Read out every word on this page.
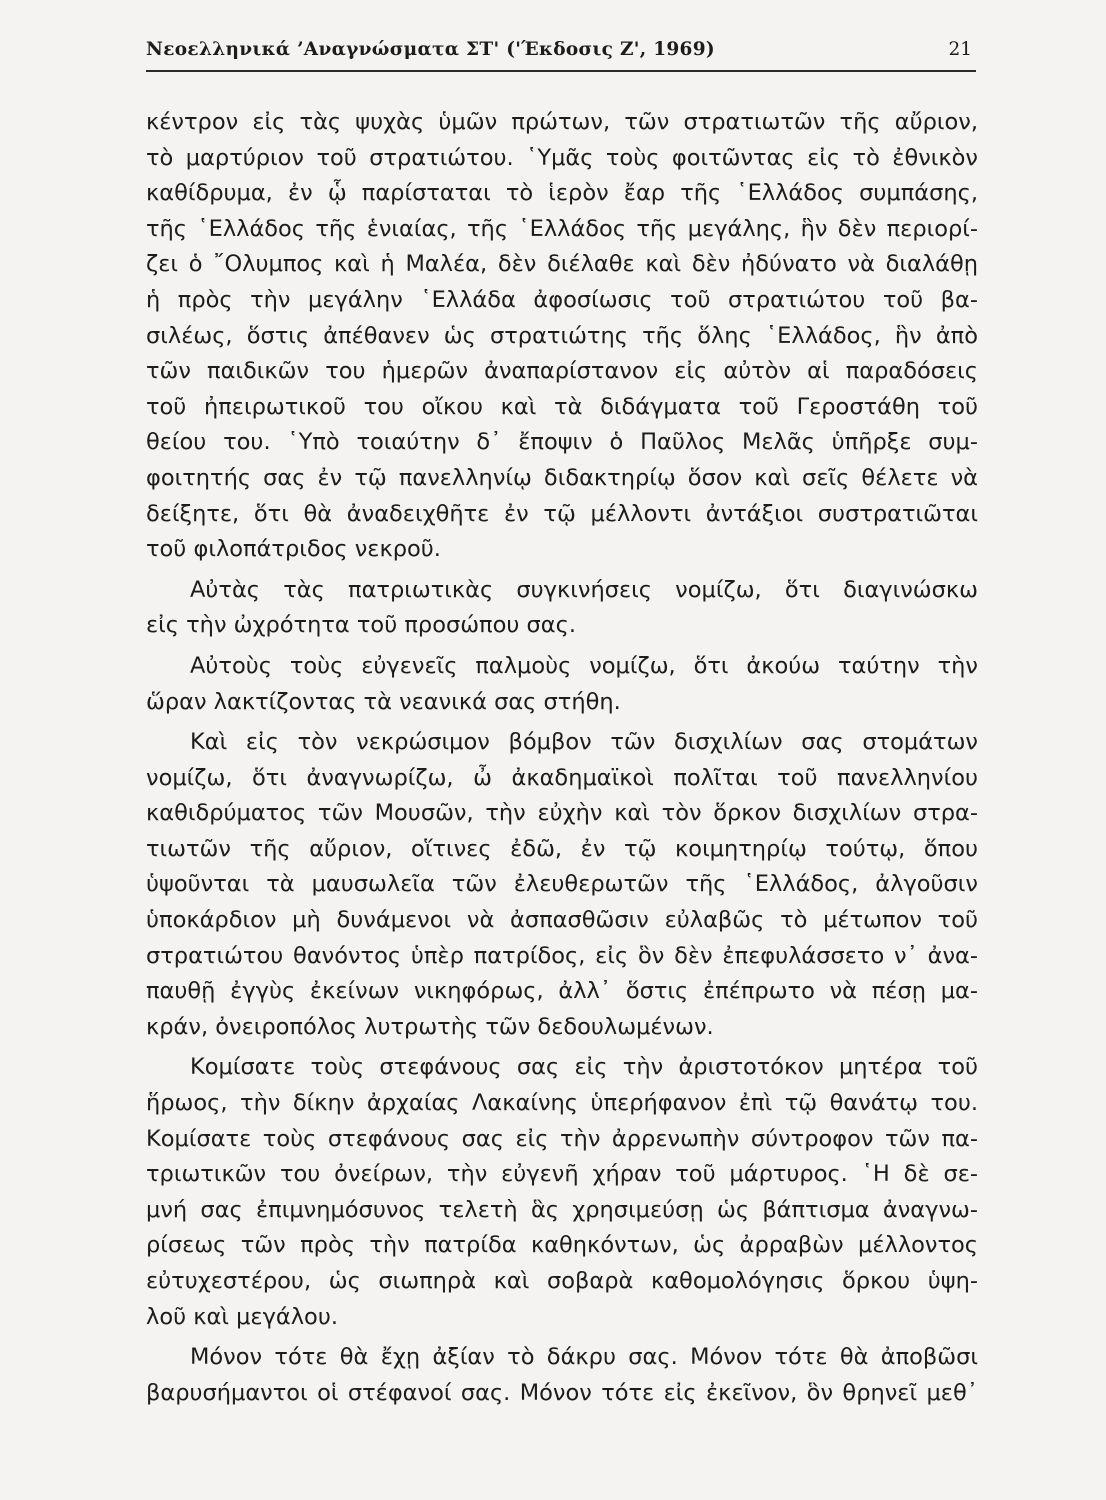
Νεοελληνικά ’Αναγνώσματα ΣΤ' ('Έκδοσις Ζ', 1969)	21

κέντρον εἰς τὰς ψυχὰς ὑμῶν πρώτων, τῶν στρατιωτῶν τῆς αὔριον,
τὸ μαρτύριον τοῦ στρατιώτου. ῾Υμᾶς τοὺς φοιτῶντας εἰς τὸ ἐθνικὸν
καθίδρυμα, ἐν ᾧ παρίσταται τὸ ἱερὸν ἔαρ τῆς ῾Ελλάδος συμπάσης,
τῆς ῾Ελλάδος τῆς ἑνιαίας, τῆς ῾Ελλάδος τῆς μεγάλης, ἣν δὲν περιορί-
ζει ὁ ῎Ολυμπος καὶ ἡ Μαλέα, δὲν διέλαθε καὶ δὲν ἠδύνατο νὰ διαλάθῃ
ἡ πρὸς τὴν μεγάλην ῾Ελλάδα ἀφοσίωσις τοῦ στρατιώτου τοῦ βα-
σιλέως, ὅστις ἀπέθανεν ὡς στρατιώτης τῆς ὅλης ῾Ελλάδος, ἣν ἀπὸ
τῶν παιδικῶν του ἡμερῶν ἀναπαρίστανον εἰς αὐτὸν αἱ παραδόσεις
τοῦ ἠπειρωτικοῦ του οἴκου καὶ τὰ διδάγματα τοῦ Γεροστάθη τοῦ
θείου του. ῾Υπὸ τοιαύτην δ᾽ ἔποψιν ὁ Παῦλος Μελᾶς ὑπῆρξε συμ-
φοιτητής σας ἐν τῷ πανελληνίῳ διδακτηρίῳ ὅσον καὶ σεῖς θέλετε νὰ
δείξητε, ὅτι θὰ ἀναδειχθῆτε ἐν τῷ μέλλοντι ἀντάξιοι συστρατιῶται
τοῦ φιλοπάτριδος νεκροῦ.

Αὐτὰς τὰς πατριωτικὰς συγκινήσεις νομίζω, ὅτι διαγινώσκω
εἰς τὴν ὠχρότητα τοῦ προσώπου σας.

Αὐτοὺς τοὺς εὐγενεῖς παλμοὺς νομίζω, ὅτι ἀκούω ταύτην τὴν
ὥραν λακτίζοντας τὰ νεανικά σας στήθη.

Καὶ εἰς τὸν νεκρώσιμον βόμβον τῶν δισχιλίων σας στομάτων
νομίζω, ὅτι ἀναγνωρίζω, ὦ ἀκαδημαϊκοὶ πολῖται τοῦ πανελληνίου
καθιδρύματος τῶν Μουσῶν, τὴν εὐχὴν καὶ τὸν ὅρκον δισχιλίων στρα-
τιωτῶν τῆς αὔριον, οἵτινες ἐδῶ, ἐν τῷ κοιμητηρίῳ τούτῳ, ὅπου
ὑψοῦνται τὰ μαυσωλεῖα τῶν ἐλευθερωτῶν τῆς ῾Ελλάδος, ἀλγοῦσιν
ὑποκάρδιον μὴ δυνάμενοι νὰ ἀσπασθῶσιν εὐλαβῶς τὸ μέτωπον τοῦ
στρατιώτου θανόντος ὑπὲρ πατρίδος, εἰς ὃν δὲν ἐπεφυλάσσετο ν᾽ ἀνα-
παυθῇ ἐγγὺς ἐκείνων νικηφόρως, ἀλλ᾽ ὅστις ἐπέπρωτο νὰ πέσῃ μα-
κράν, ὀνειροπόλος λυτρωτὴς τῶν δεδουλωμένων.

Κομίσατε τοὺς στεφάνους σας εἰς τὴν ἀριστοτόκον μητέρα τοῦ
ἥρωος, τὴν δίκην ἀρχαίας Λακαίνης ὑπερήφανον ἐπὶ τῷ θανάτῳ του.
Κομίσατε τοὺς στεφάνους σας εἰς τὴν ἀρρενωπὴν σύντροφον τῶν πα-
τριωτικῶν του ὀνείρων, τὴν εὐγενῆ χήραν τοῦ μάρτυρος. ῾Η δὲ σε-
μνή σας ἐπιμνημόσυνος τελετὴ ἃς χρησιμεύσῃ ὡς βάπτισμα ἀναγνω-
ρίσεως τῶν πρὸς τὴν πατρίδα καθηκόντων, ὡς ἀρραβὼν μέλλοντος
εὐτυχεστέρου, ὡς σιωπηρὰ καὶ σοβαρὰ καθομολόγησις ὅρκου ὑψη-
λοῦ καὶ μεγάλου.

Μόνον τότε θὰ ἔχῃ ἀξίαν τὸ δάκρυ σας. Μόνον τότε θὰ ἀποβῶσι
βαρυσήμαντοι οἱ στέφανοί σας. Μόνον τότε εἰς ἐκεῖνον, ὃν θρηνεῖ μεθ᾽
